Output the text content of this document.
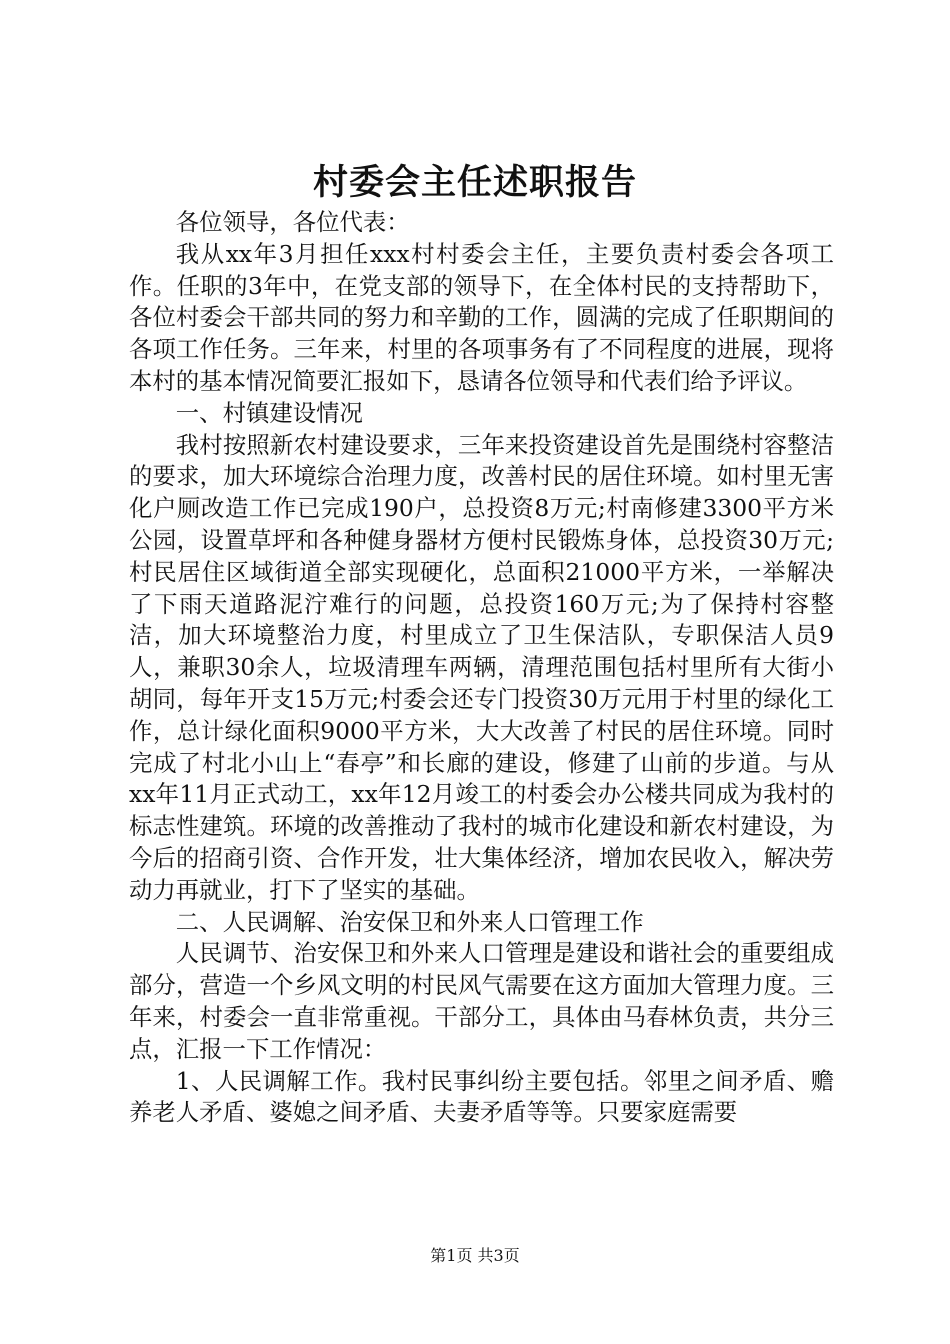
村委会主任述职报告

各位领导，各位代表：

我从xx年3月担任xxx村村委会主任，主要负责村委会各项工作。任职的3年中，在党支部的领导下，在全体村民的支持帮助下，各位村委会干部共同的努力和辛勤的工作，圆满的完成了任职期间的各项工作任务。三年来，村里的各项事务有了不同程度的进展，现将本村的基本情况简要汇报如下，恳请各位领导和代表们给予评议。

一、村镇建设情况

我村按照新农村建设要求，三年来投资建设首先是围绕村容整洁的要求，加大环境综合治理力度，改善村民的居住环境。如村里无害化户厕改造工作已完成190户，总投资8万元;村南修建3300平方米公园，设置草坪和各种健身器材方便村民锻炼身体，总投资30万元;村民居住区域街道全部实现硬化，总面积21000平方米，一举解决了下雨天道路泥泞难行的问题，总投资160万元;为了保持村容整洁，加大环境整治力度，村里成立了卫生保洁队，专职保洁人员9人，兼职30余人，垃圾清理车两辆，清理范围包括村里所有大街小胡同，每年开支15万元;村委会还专门投资30万元用于村里的绿化工作，总计绿化面积9000平方米，大大改善了村民的居住环境。同时完成了村北小山上“春亭”和长廊的建设，修建了山前的步道。与从xx年11月正式动工，xx年12月竣工的村委会办公楼共同成为我村的标志性建筑。环境的改善推动了我村的城市化建设和新农村建设，为今后的招商引资、合作开发，壮大集体经济，增加农民收入，解决劳动力再就业，打下了坚实的基础。

二、人民调解、治安保卫和外来人口管理工作

人民调节、治安保卫和外来人口管理是建设和谐社会的重要组成部分，营造一个乡风文明的村民风气需要在这方面加大管理力度。三年来，村委会一直非常重视。干部分工，具体由马春林负责，共分三点，汇报一下工作情况：

1、人民调解工作。我村民事纠纷主要包括。邻里之间矛盾、赡养老人矛盾、婆媳之间矛盾、夫妻矛盾等等。只要家庭需要

第1页 共3页
